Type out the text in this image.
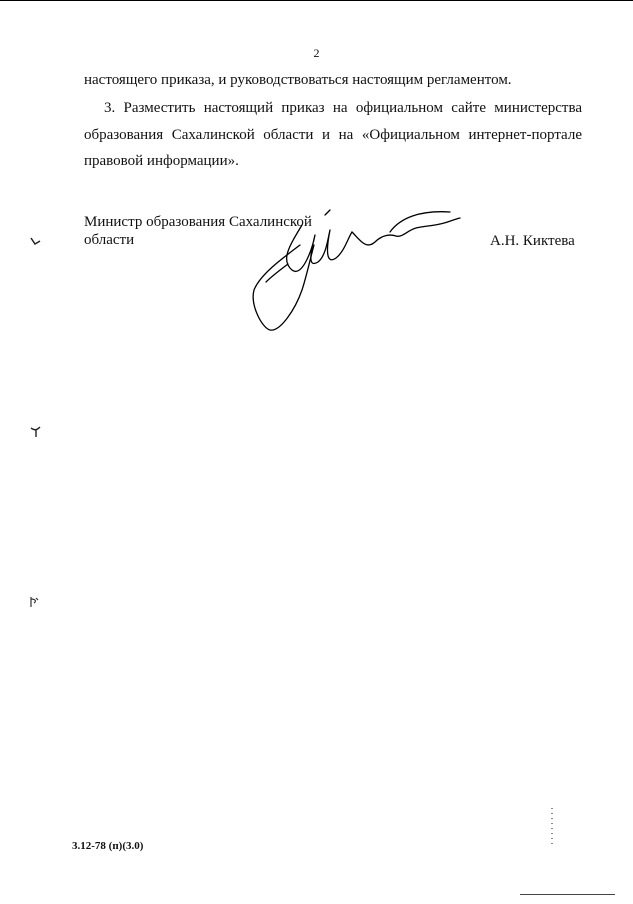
2
настоящего приказа, и руководствоваться настоящим регламентом.
3. Разместить настоящий приказ на официальном сайте министерства
образования Сахалинской области и на «Официальном интернет-портале
правовой информации».
Министр образования Сахалинской области	А.Н. Киктева
3.12-78 (п)(3.0)
